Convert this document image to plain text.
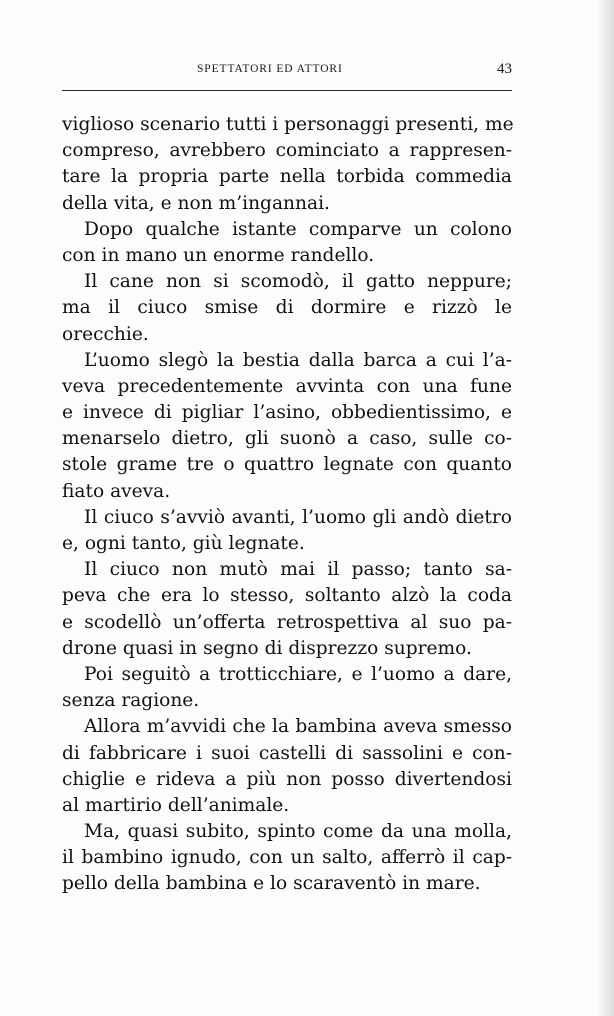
SPETTATORI ED ATTORI	43
viglioso scenario tutti i personaggi presenti, me
compreso, avrebbero cominciato a rappresen-
tare la propria parte nella torbida commedia
della vita, e non m’ingannai.
Dopo qualche istante comparve un colono
con in mano un enorme randello.
Il cane non si scomodò, il gatto neppure;
ma il ciuco smise di dormire e rizzò le
orecchie.
L’uomo slegò la bestia dalla barca a cui l’a-
veva precedentemente avvinta con una fune
e invece di pigliar l’asino, obbedientissimo, e
menarselo dietro, gli suonò a caso, sulle co-
stole grame tre o quattro legnate con quanto
fiato aveva.
Il ciuco s’avviò avanti, l’uomo gli andò dietro
e, ogni tanto, giù legnate.
Il ciuco non mutò mai il passo; tanto sa-
peva che era lo stesso, soltanto alzò la coda
e scodellò un’offerta retrospettiva al suo pa-
drone quasi in segno di disprezzo supremo.
Poi seguitò a trotticchiare, e l’uomo a dare,
senza ragione.
Allora m’avvidi che la bambina aveva smesso
di fabbricare i suoi castelli di sassolini e con-
chiglie e rideva a più non posso divertendosi
al martirio dell’animale.
Ma, quasi subito, spinto come da una molla,
il bambino ignudo, con un salto, afferrò il cap-
pello della bambina e lo scaraventò in mare.
